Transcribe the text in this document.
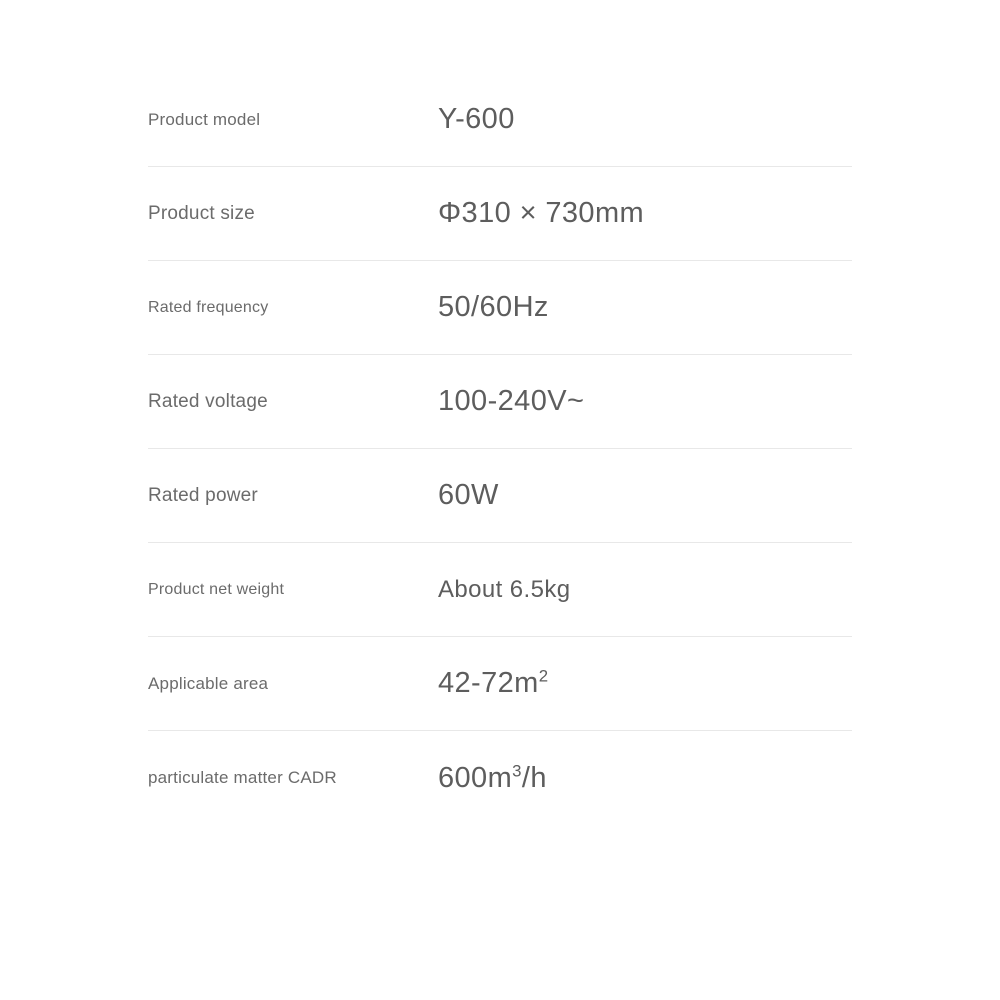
Product model	Y-600
Product size	Φ310 × 730mm
Rated frequency	50/60Hz
Rated voltage	100-240V~
Rated power	60W
Product net weight	About 6.5kg
Applicable area	$42-72m^2$
particulate matter CADR	$600m^3/h$
